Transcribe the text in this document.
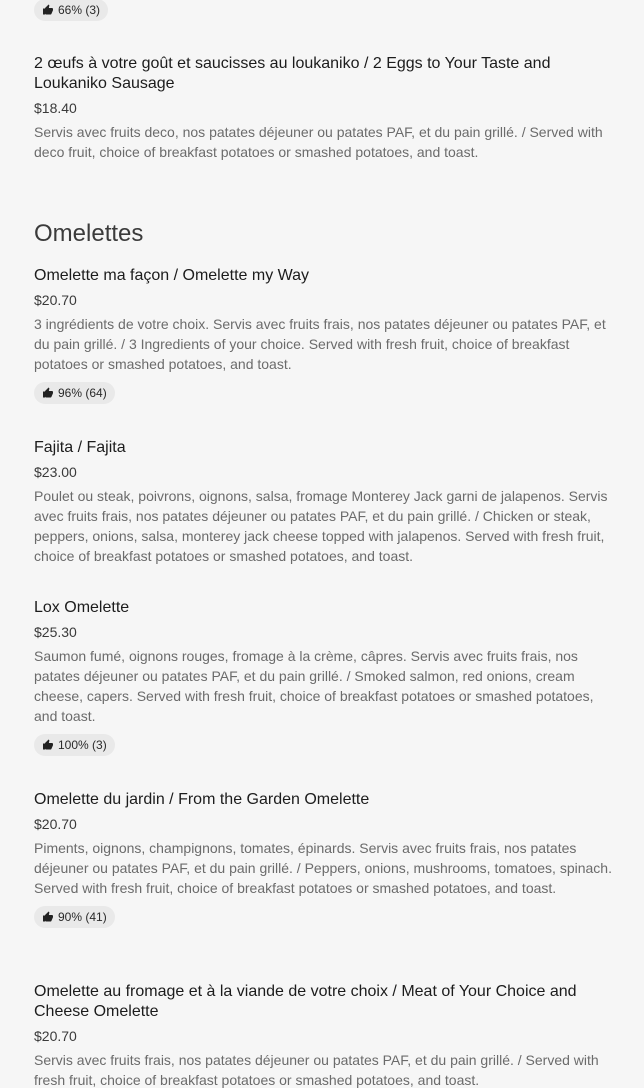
66% (3)
2 œufs à votre goût et saucisses au loukaniko / 2 Eggs to Your Taste and Loukaniko Sausage
$18.40
Servis avec fruits deco, nos patates déjeuner ou patates PAF, et du pain grillé. / Served with deco fruit, choice of breakfast potatoes or smashed potatoes, and toast.
Omelettes
Omelette ma façon / Omelette my Way
$20.70
3 ingrédients de votre choix. Servis avec fruits frais, nos patates déjeuner ou patates PAF, et du pain grillé. / 3 Ingredients of your choice. Served with fresh fruit, choice of breakfast potatoes or smashed potatoes, and toast.
96% (64)
Fajita / Fajita
$23.00
Poulet ou steak, poivrons, oignons, salsa, fromage Monterey Jack garni de jalapenos. Servis avec fruits frais, nos patates déjeuner ou patates PAF, et du pain grillé. / Chicken or steak, peppers, onions, salsa, monterey jack cheese topped with jalapenos. Served with fresh fruit, choice of breakfast potatoes or smashed potatoes, and toast.
Lox Omelette
$25.30
Saumon fumé, oignons rouges, fromage à la crème, câpres. Servis avec fruits frais, nos patates déjeuner ou patates PAF, et du pain grillé. / Smoked salmon, red onions, cream cheese, capers. Served with fresh fruit, choice of breakfast potatoes or smashed potatoes, and toast.
100% (3)
Omelette du jardin / From the Garden Omelette
$20.70
Piments, oignons, champignons, tomates, épinards. Servis avec fruits frais, nos patates déjeuner ou patates PAF, et du pain grillé. / Peppers, onions, mushrooms, tomatoes, spinach. Served with fresh fruit, choice of breakfast potatoes or smashed potatoes, and toast.
90% (41)
Omelette au fromage et à la viande de votre choix / Meat of Your Choice and Cheese Omelette
$20.70
Servis avec fruits frais, nos patates déjeuner ou patates PAF, et du pain grillé. / Served with fresh fruit, choice of breakfast potatoes or smashed potatoes, and toast.
